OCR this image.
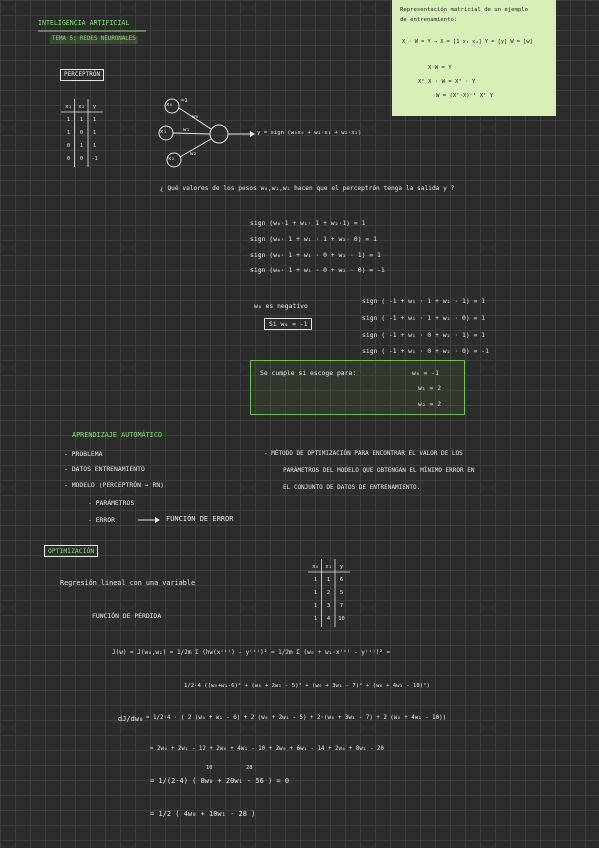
INTELIGENCIA ARTIFICIAL
TEMA 5: REDES NEURONALES
PERCEPTRÓN
x₁	x₂	y
1	1	1
1	0	1
0	1	1
0	0	-1
x₀
=1
x₁
x₂
w₀
w₁
w₂
y = sign (w₀x₀ + w₁·x₁ + w₂·x₂)
Representación matricial de un ejemplo
de entrenamiento:
X · W = Y → X = [1 x₁ x₂] Y = [y] W = [w]
X·W = Y
Xᵀ X · W = Xᵀ · Y
W = (Xᵀ·X)⁻¹ Xᵀ Y
¿ Qué valores de los pesos w₀,w₁,w₂ hacen que el perceptrón tenga la salida y ?
sign (w₀·1 + w₁· 1 + w₂·1) = 1
sign (w₀· 1 + w₁ · 1 + w₂· 0) = 1
sign (w₀· 1 + w₁ · 0 + w₂ · 1) = 1
sign (w₀· 1 + w₁ · 0 + w₂ · 0) = -1
w₀ es negativo
Si w₀ = -1
sign ( -1 + w₁ · 1 + w₂ · 1) = 1
sign ( -1 + w₁ · 1 + w₂ · 0) = 1
sign ( -1 + w₁ · 0 + w₂ · 1) = 1
sign ( -1 + w₁ · 0 + w₂ · 0) = -1
Se cumple si escoge para:	w₀ = -1
w₁ = 2
w₂ = 2
APRENDIZAJE AUTOMÁTICO
- PROBLEMA
- DATOS ENTRENAMIENTO
- MODELO (PERCEPTRÓN → RN)
- PARÁMETROS
- ERROR	FUNCIÓN DE ERROR
- MÉTODO DE OPTIMIZACIÓN PARA ENCONTRAR EL VALOR DE LOS
PARÁMETROS DEL MODELO QUE OBTENGAN EL MÍNIMO ERROR EN
EL CONJUNTO DE DATOS DE ENTRENAMIENTO.
OPTIMIZACIÓN
Regresión lineal con una variable
FUNCIÓN DE PÉRDIDA
x₀	x₁	y
1	1	6
1	2	5
1	3	7
1	4	10
J(w) = J(w₀,w₁) = 1/2m Σ (hw(x⁽ⁱ⁾) - y⁽ⁱ⁾)² = 1/2m Σ (w₀ + w₁·x⁽ⁱ⁾ - y⁽ⁱ⁾)² =
1/2·4 ((w₀+w₁-6)² + (w₀ + 2w₁ - 5)² + (w₀ + 3w₁ - 7)² + (w₀ + 4w₁ - 10)²)
dJ/dw₀ = 1/2·4 · ( 2 (w₀ + w₁ - 6) + 2 (w₀ + 2w₁ - 5) + 2·(w₀ + 3w₁ - 7) + 2 (w₀ + 4w₁ - 10))
= 2w₀ + 2w₁ - 12 + 2w₀ + 4w₁ - 10 + 2w₀ + 6w₁ - 14 + 2w₀ + 8w₁ - 20
10	28
= 1/(2·4) ( 8w₀ + 20w₁ - 56 ) = 0
= 1/2 ( 4w₀ + 10w₁ - 28 )
